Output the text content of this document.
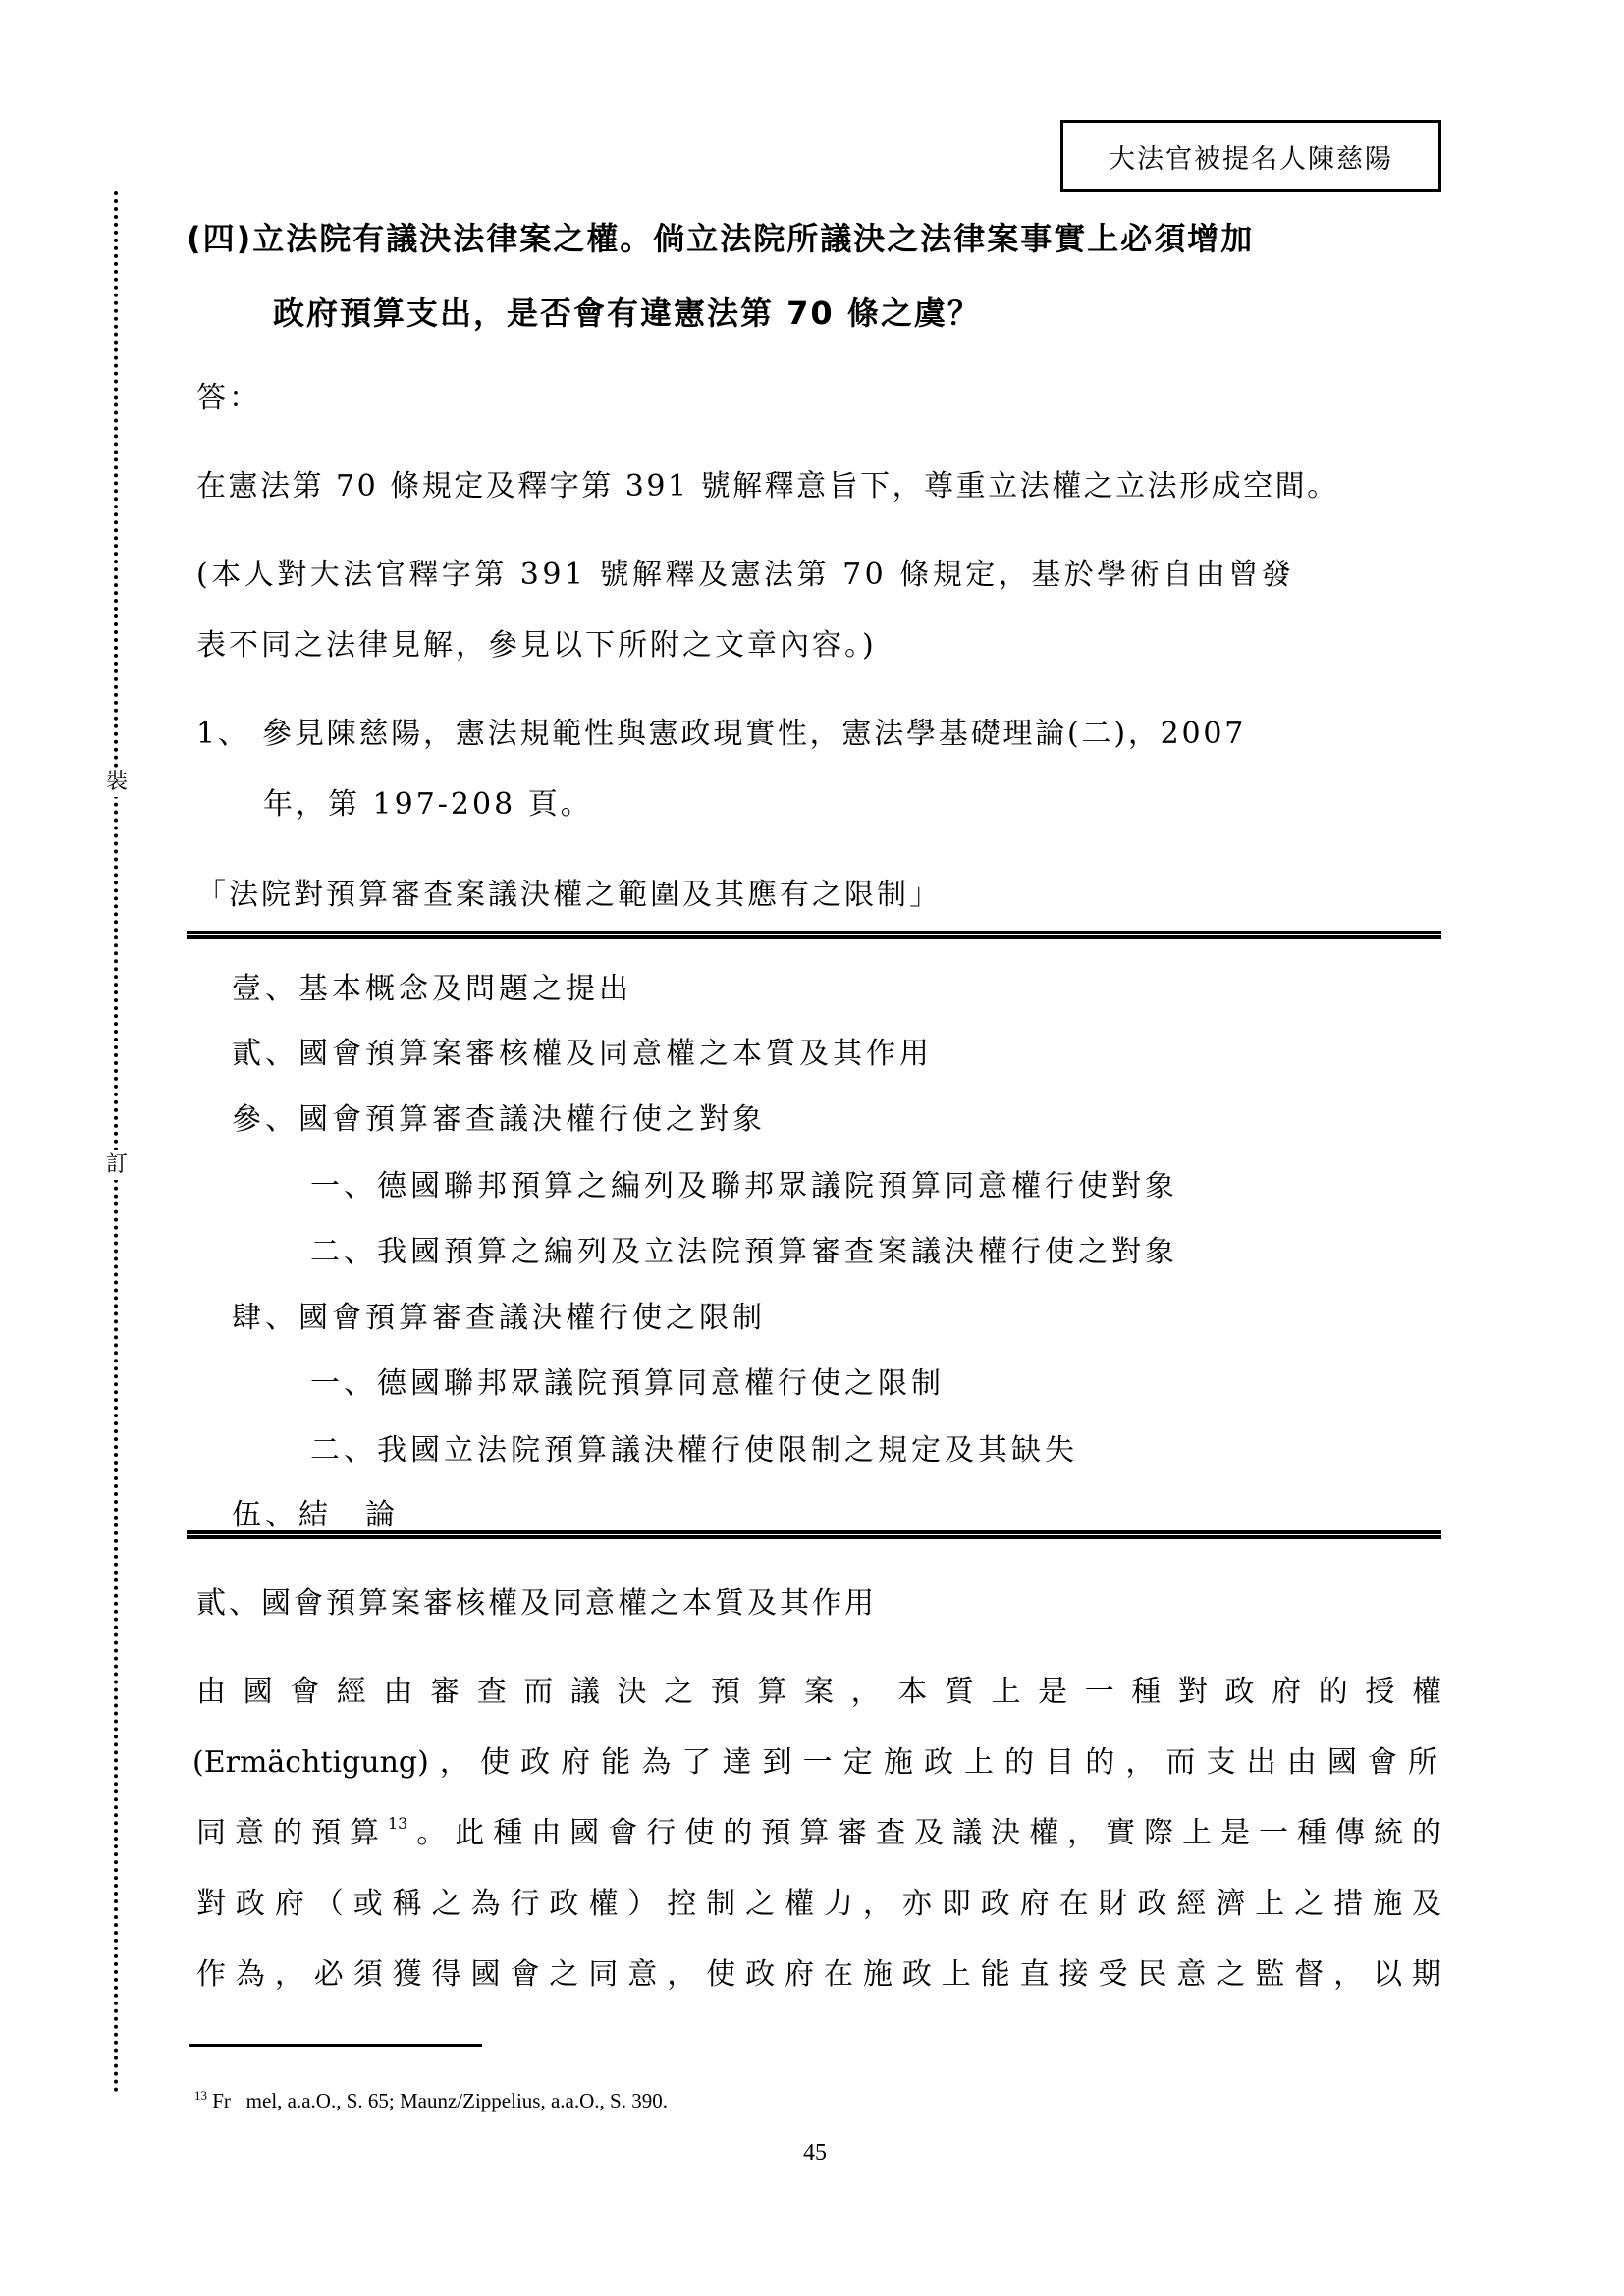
裝
訂
大法官被提名人陳慈陽
(四)立法院有議決法律案之權。倘立法院所議決之法律案事實上必須增加
政府預算支出，是否會有違憲法第 70 條之虞？
答：
在憲法第 70 條規定及釋字第 391 號解釋意旨下，尊重立法權之立法形成空間。
(本人對大法官釋字第 391 號解釋及憲法第 70 條規定，基於學術自由曾發
表不同之法律見解，參見以下所附之文章內容。)
1、 參見陳慈陽，憲法規範性與憲政現實性，憲法學基礎理論(二)，2007
年，第 197-208 頁。
「法院對預算審查案議決權之範圍及其應有之限制」
壹、基本概念及問題之提出
貳、國會預算案審核權及同意權之本質及其作用
參、國會預算審查議決權行使之對象
一、德國聯邦預算之編列及聯邦眾議院預算同意權行使對象
二、我國預算之編列及立法院預算審查案議決權行使之對象
肆、國會預算審查議決權行使之限制
一、德國聯邦眾議院預算同意權行使之限制
二、我國立法院預算議決權行使限制之規定及其缺失
伍、結　論
貳、國會預算案審核權及同意權之本質及其作用
由國會經由審查而議決之預算案，本質上是一種對政府的授權
(Ermächtigung)，使政府能為了達到一定施政上的目的，而支出由國會所
同意的預算$^{13}$。此種由國會行使的預算審查及議決權，實際上是一種傳統的
對政府（或稱之為行政權）控制之權力，亦即政府在財政經濟上之措施及
作為，必須獲得國會之同意，使政府在施政上能直接受民意之監督，以期
$^{13}$ Fr   mel, a.a.O., S. 65; Maunz/Zippelius, a.a.O., S. 390.
45
